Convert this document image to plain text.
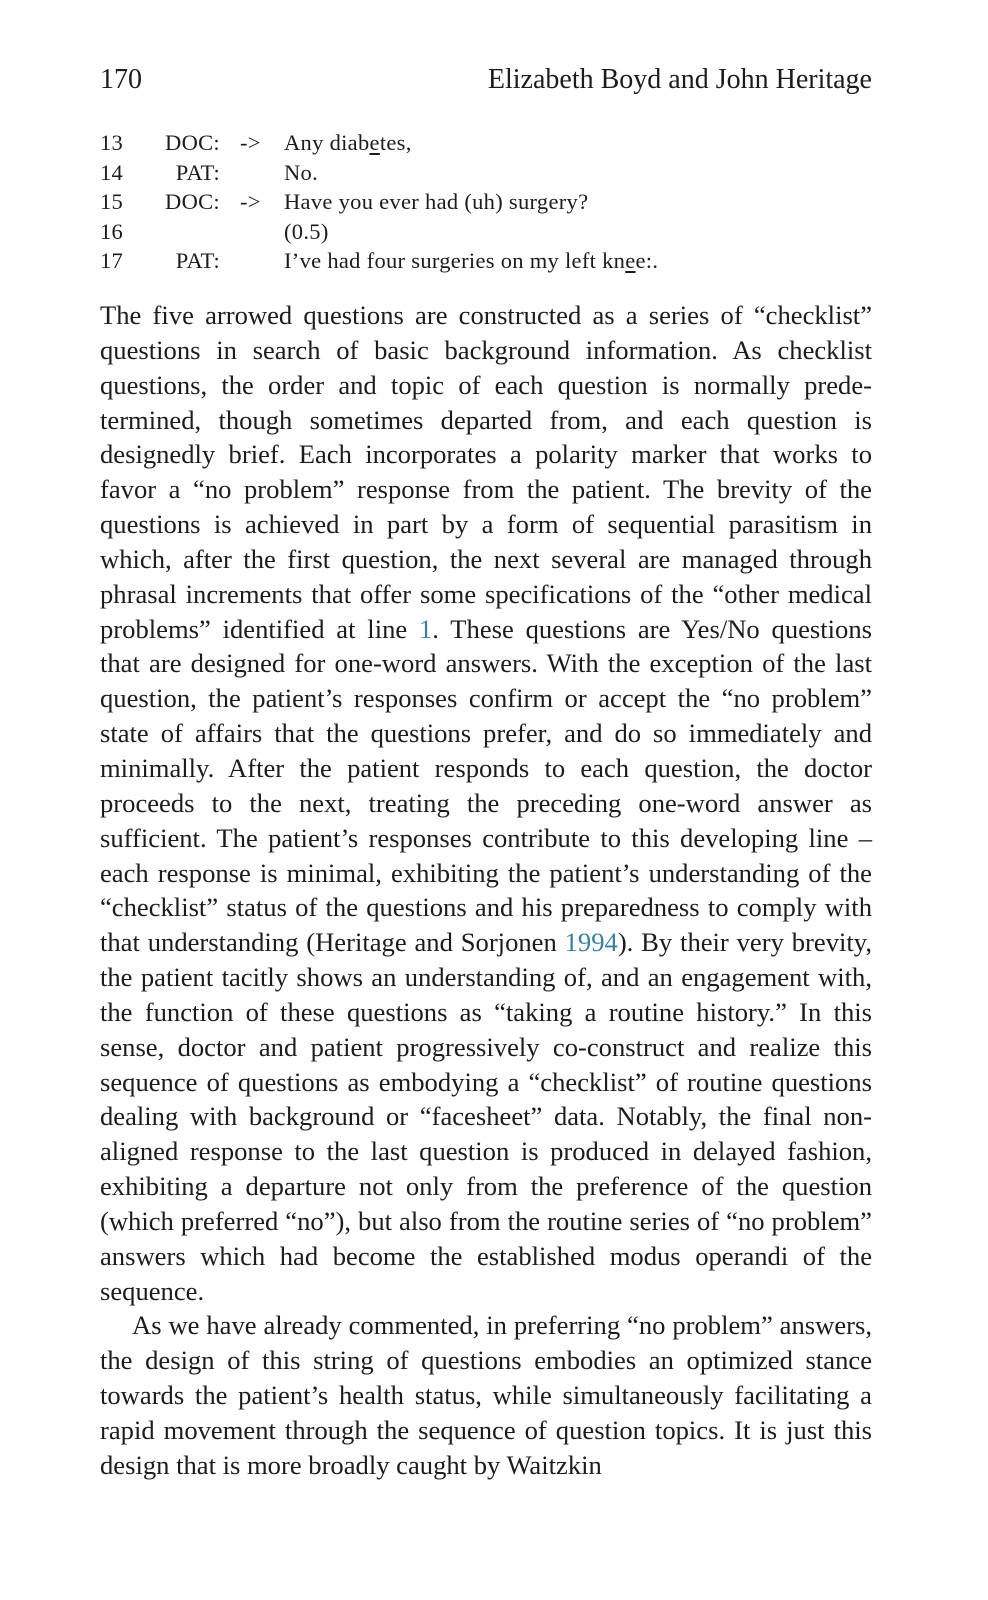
170	Elizabeth Boyd and John Heritage
13 DOC: -> Any diabetes,
14 PAT:	No.
15 DOC: -> Have you ever had (uh) surgery?
16	(0.5)
17 PAT:	I’ve had four surgeries on my left knee:.

The five arrowed questions are constructed as a series of “checklist” questions in search of basic background information. As checklist questions, the order and topic of each question is normally predetermined, though sometimes departed from, and each question is designedly brief. Each incorporates a polarity marker that works to favor a “no problem” response from the patient. The brevity of the questions is achieved in part by a form of sequential parasitism in which, after the first question, the next several are managed through phrasal increments that offer some specifications of the “other medical problems” identified at line 1. These questions are Yes/No questions that are designed for one-word answers. With the exception of the last question, the patient’s responses confirm or accept the “no problem” state of affairs that the questions prefer, and do so immediately and minimally. After the patient responds to each question, the doctor proceeds to the next, treating the preceding one-word answer as sufficient. The patient’s responses contribute to this developing line – each response is minimal, exhibiting the patient’s understanding of the “checklist” status of the questions and his preparedness to comply with that understanding (Heritage and Sorjonen 1994). By their very brevity, the patient tacitly shows an understanding of, and an engagement with, the function of these questions as “taking a routine history.” In this sense, doctor and patient progressively co-construct and realize this sequence of questions as embodying a “checklist” of routine questions dealing with background or “facesheet” data. Notably, the final non-aligned response to the last question is produced in delayed fashion, exhibiting a departure not only from the preference of the question (which preferred “no”), but also from the routine series of “no problem” answers which had become the established modus operandi of the sequence.

As we have already commented, in preferring “no problem” answers, the design of this string of questions embodies an optimized stance towards the patient’s health status, while simultaneously facilitating a rapid movement through the sequence of question topics. It is just this design that is more broadly caught by Waitzkin
